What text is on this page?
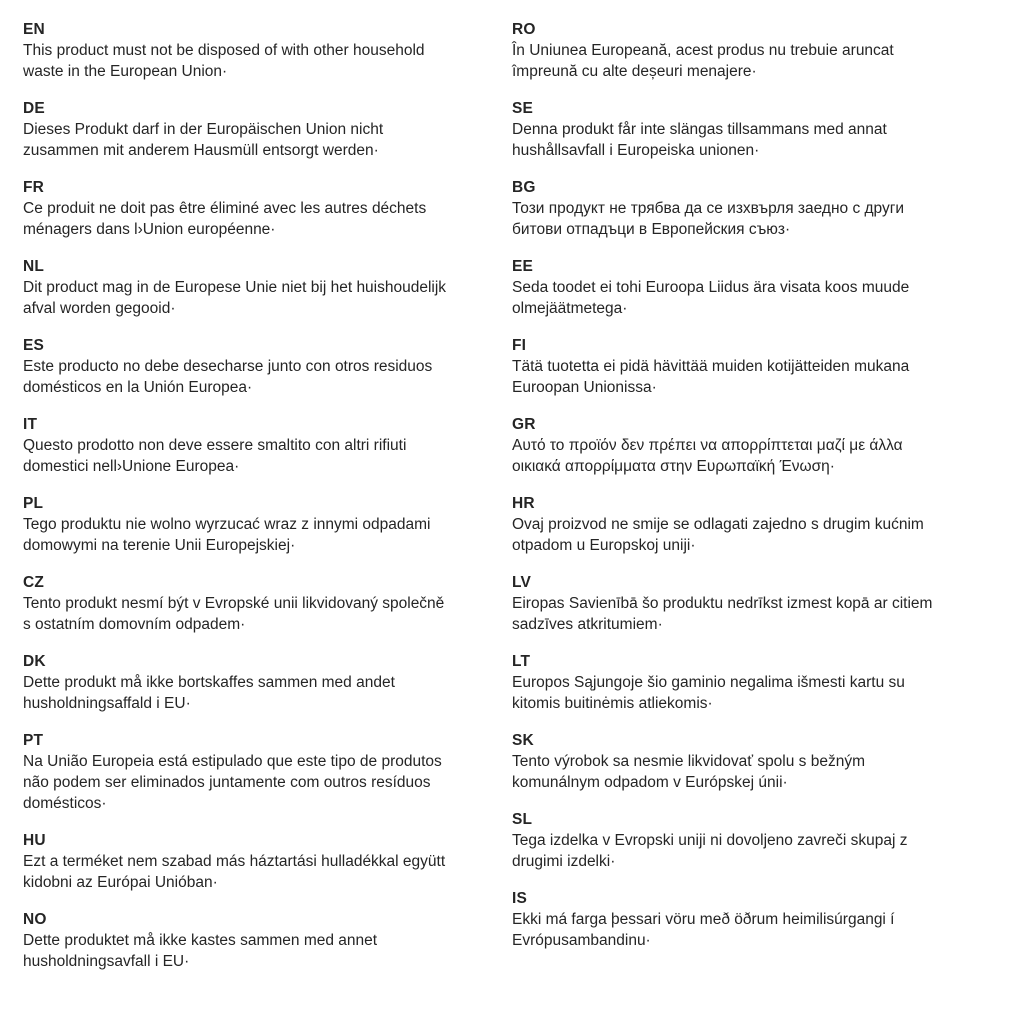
EN
This product must not be disposed of with other household
waste in the European Union·
DE
Dieses Produkt darf in der Europäischen Union nicht
zusammen mit anderem Hausmüll entsorgt werden·
FR
Ce produit ne doit pas être éliminé avec les autres déchets
ménagers dans l›Union européenne·
NL
Dit product mag in de Europese Unie niet bij het huishoudelijk
afval worden gegooid·
ES
Este producto no debe desecharse junto con otros residuos
domésticos en la Unión Europea·
IT
Questo prodotto non deve essere smaltito con altri rifiuti
domestici nell›Unione Europea·
PL
Tego produktu nie wolno wyrzucać wraz z innymi odpadami
domowymi na terenie Unii Europejskiej·
CZ
Tento produkt nesmí být v Evropské unii likvidovaný společně
s ostatním domovním odpadem·
DK
Dette produkt må ikke bortskaffes sammen med andet
husholdningsaffald i EU·
PT
Na União Europeia está estipulado que este tipo de produtos
não podem ser eliminados juntamente com outros resíduos
domésticos·
HU
Ezt a terméket nem szabad más háztartási hulladékkal együtt
kidobni az Európai Unióban·
NO
Dette produktet må ikke kastes sammen med annet
husholdningsavfall i EU·
RO
În Uniunea Europeană, acest produs nu trebuie aruncat
împreună cu alte deșeuri menajere·
SE
Denna produkt får inte slängas tillsammans med annat
hushållsavfall i Europeiska unionen·
BG
Този продукт не трябва да се изхвърля заедно с други
битови отпадъци в Европейския съюз·
EE
Seda toodet ei tohi Euroopa Liidus ära visata koos muude
olmejäätmetega·
FI
Tätä tuotetta ei pidä hävittää muiden kotijätteiden mukana
Euroopan Unionissa·
GR
Αυτό το προϊόν δεν πρέπει να απορρίπτεται μαζί με άλλα
οικιακά απορρίμματα στην Ευρωπαϊκή Ένωση·
HR
Ovaj proizvod ne smije se odlagati zajedno s drugim kućnim
otpadom u Europskoj uniji·
LV
Eiropas Savienībā šo produktu nedrīkst izmest kopā ar citiem
sadzīves atkritumiem·
LT
Europos Sąjungoje šio gaminio negalima išmesti kartu su
kitomis buitinėmis atliekomis·
SK
Tento výrobok sa nesmie likvidovať spolu s bežným
komunálnym odpadom v Európskej únii·
SL
Tega izdelka v Evropski uniji ni dovoljeno zavreči skupaj z
drugimi izdelki·
IS
Ekki má farga þessari vöru með öðrum heimilisúrgangi í
Evrópusambandinu·
